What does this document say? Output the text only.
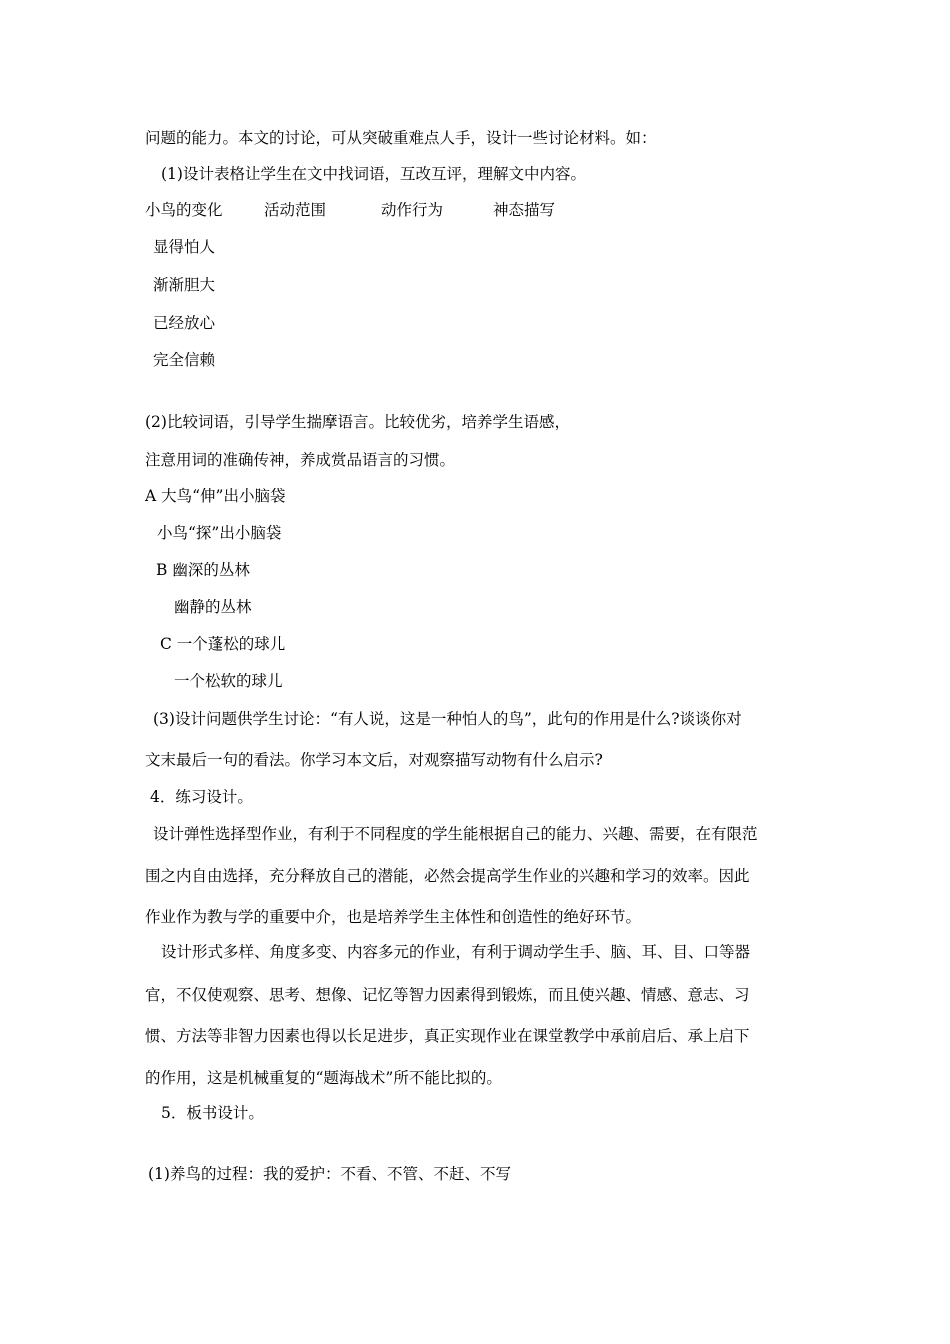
问题的能力。本文的讨论，可从突破重难点人手，设计一些讨论材料。如：
(1)设计表格让学生在文中找词语，互改互评，理解文中内容。
小鸟的变化	活动范围	动作行为	神态描写
显得怕人
渐渐胆大
已经放心
完全信赖
(2)比较词语，引导学生揣摩语言。比较优劣，培养学生语感，
注意用词的准确传神，养成赏品语言的习惯。
A 大鸟“伸”出小脑袋
小鸟“探”出小脑袋
B 幽深的丛林
幽静的丛林
C 一个蓬松的球儿
一个松软的球儿
(3)设计问题供学生讨论：“有人说，这是一种怕人的鸟”，此句的作用是什么?谈谈你对
文末最后一句的看法。你学习本文后，对观察描写动物有什么启示?
4．练习设计。
设计弹性选择型作业，有利于不同程度的学生能根据自己的能力、兴趣、需要，在有限范
围之内自由选择，充分释放自己的潜能，必然会提高学生作业的兴趣和学习的效率。因此
作业作为教与学的重要中介，也是培养学生主体性和创造性的绝好环节。
设计形式多样、角度多变、内容多元的作业，有利于调动学生手、脑、耳、目、口等器
官，不仅使观察、思考、想像、记忆等智力因素得到锻炼，而且使兴趣、情感、意志、习
惯、方法等非智力因素也得以长足进步，真正实现作业在课堂教学中承前启后、承上启下
的作用，这是机械重复的“题海战术”所不能比拟的。
5．板书设计。
(1)养鸟的过程：我的爱护：不看、不管、不赶、不写
